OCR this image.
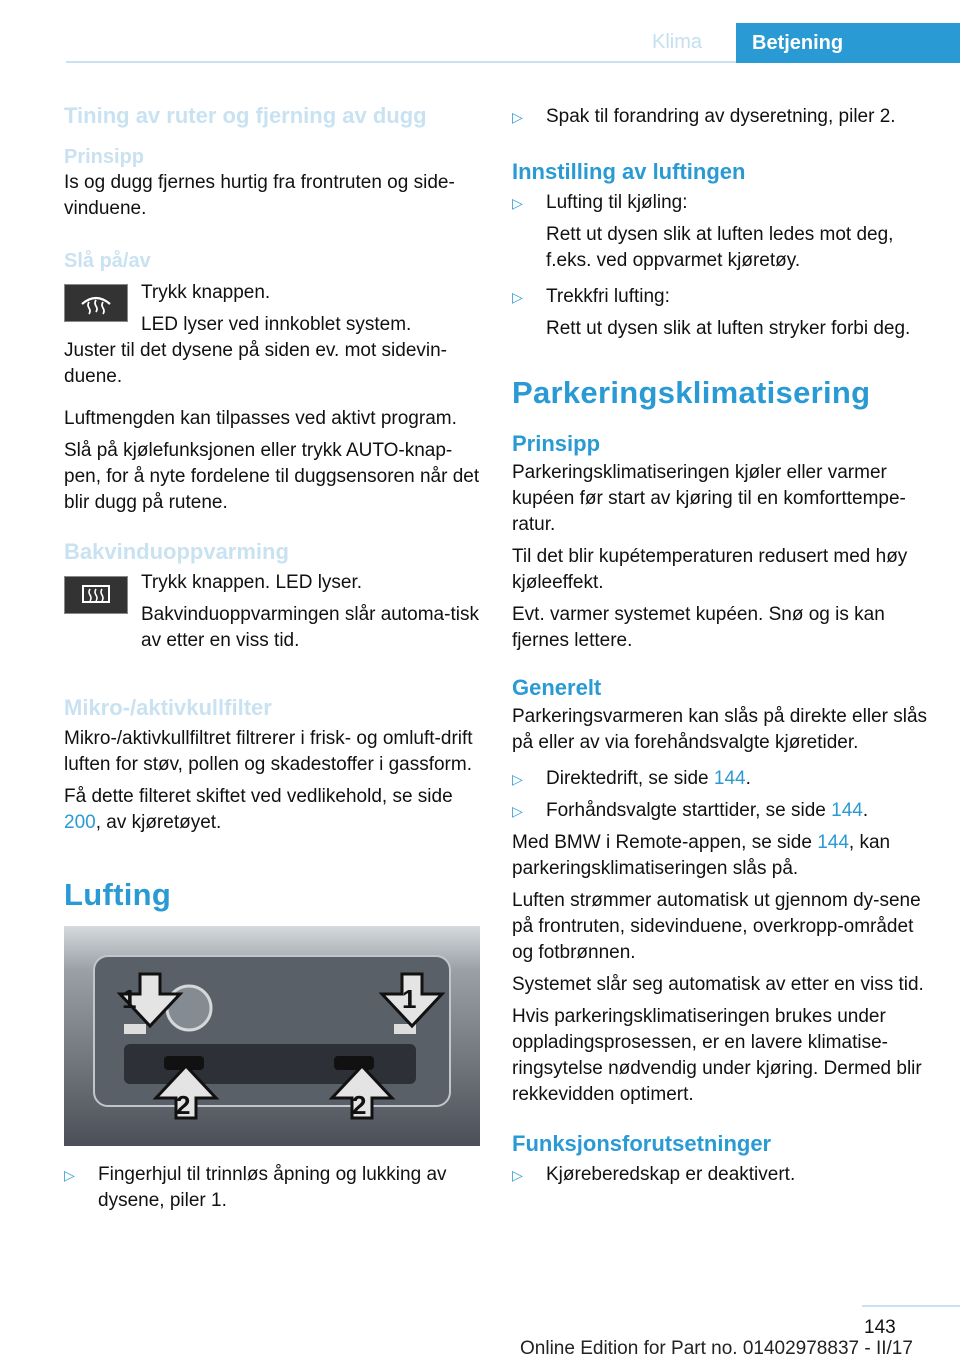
Klima	Betjening
Tining av ruter og fjerning av dugg
Prinsipp

Is og dugg fjernes hurtig fra frontruten og side-vinduene.

Slå på/av

Trykk knappen.

LED lyser ved innkoblet system.

Juster til det dysene på siden ev. mot sidevin-duene.

Luftmengden kan tilpasses ved aktivt program.

Slå på kjølefunksjonen eller trykk AUTO-knap-pen, for å nyte fordelene til duggsensoren når det blir dugg på rutene.

Bakvinduoppvarming

Trykk knappen. LED lyser.

Bakvinduoppvarmingen slår automa-tisk av etter en viss tid.

Mikro-/aktivkullfilter

Mikro-/aktivkullfiltret filtrerer i frisk- og omluft-drift luften for støv, pollen og skadestoffer i gassform.

Få dette filteret skiftet ved vedlikehold, se side 200, av kjøretøyet.

Lufting
1	1
2	2
▷ Fingerhjul til trinnløs åpning og lukking av dysene, piler 1.
▷ Spak til forandring av dyseretning, piler 2.
Innstilling av luftingen
▷ Lufting til kjøling:

Rett ut dysen slik at luften ledes mot deg, f.eks. ved oppvarmet kjøretøy.

▷ Trekkfri lufting:

Rett ut dysen slik at luften stryker forbi deg.

Parkeringsklimatisering
Prinsipp

Parkeringsklimatiseringen kjøler eller varmer kupéen før start av kjøring til en komforttempe-ratur.

Til det blir kupétemperaturen redusert med høy kjøleeffekt.

Evt. varmer systemet kupéen. Snø og is kan fjernes lettere.

Generelt

Parkeringsvarmeren kan slås på direkte eller slås på eller av via forehåndsvalgte kjøretider.

▷ Direktedrift, se side 144.
▷ Forhåndsvalgte starttider, se side 144.

Med BMW i Remote-appen, se side 144, kan parkeringsklimatiseringen slås på.

Luften strømmer automatisk ut gjennom dy-sene på frontruten, sidevinduene, overkropp-området og fotbrønnen.

Systemet slår seg automatisk av etter en viss tid.

Hvis parkeringsklimatiseringen brukes under oppladingsprosessen, er en lavere klimatise-ringsytelse nødvendig under kjøring. Dermed blir rekkevidden optimert.

Funksjonsforutsetninger
▷ Kjøreberedskap er deaktivert.
143
Online Edition for Part no. 01402978837 - II/17
